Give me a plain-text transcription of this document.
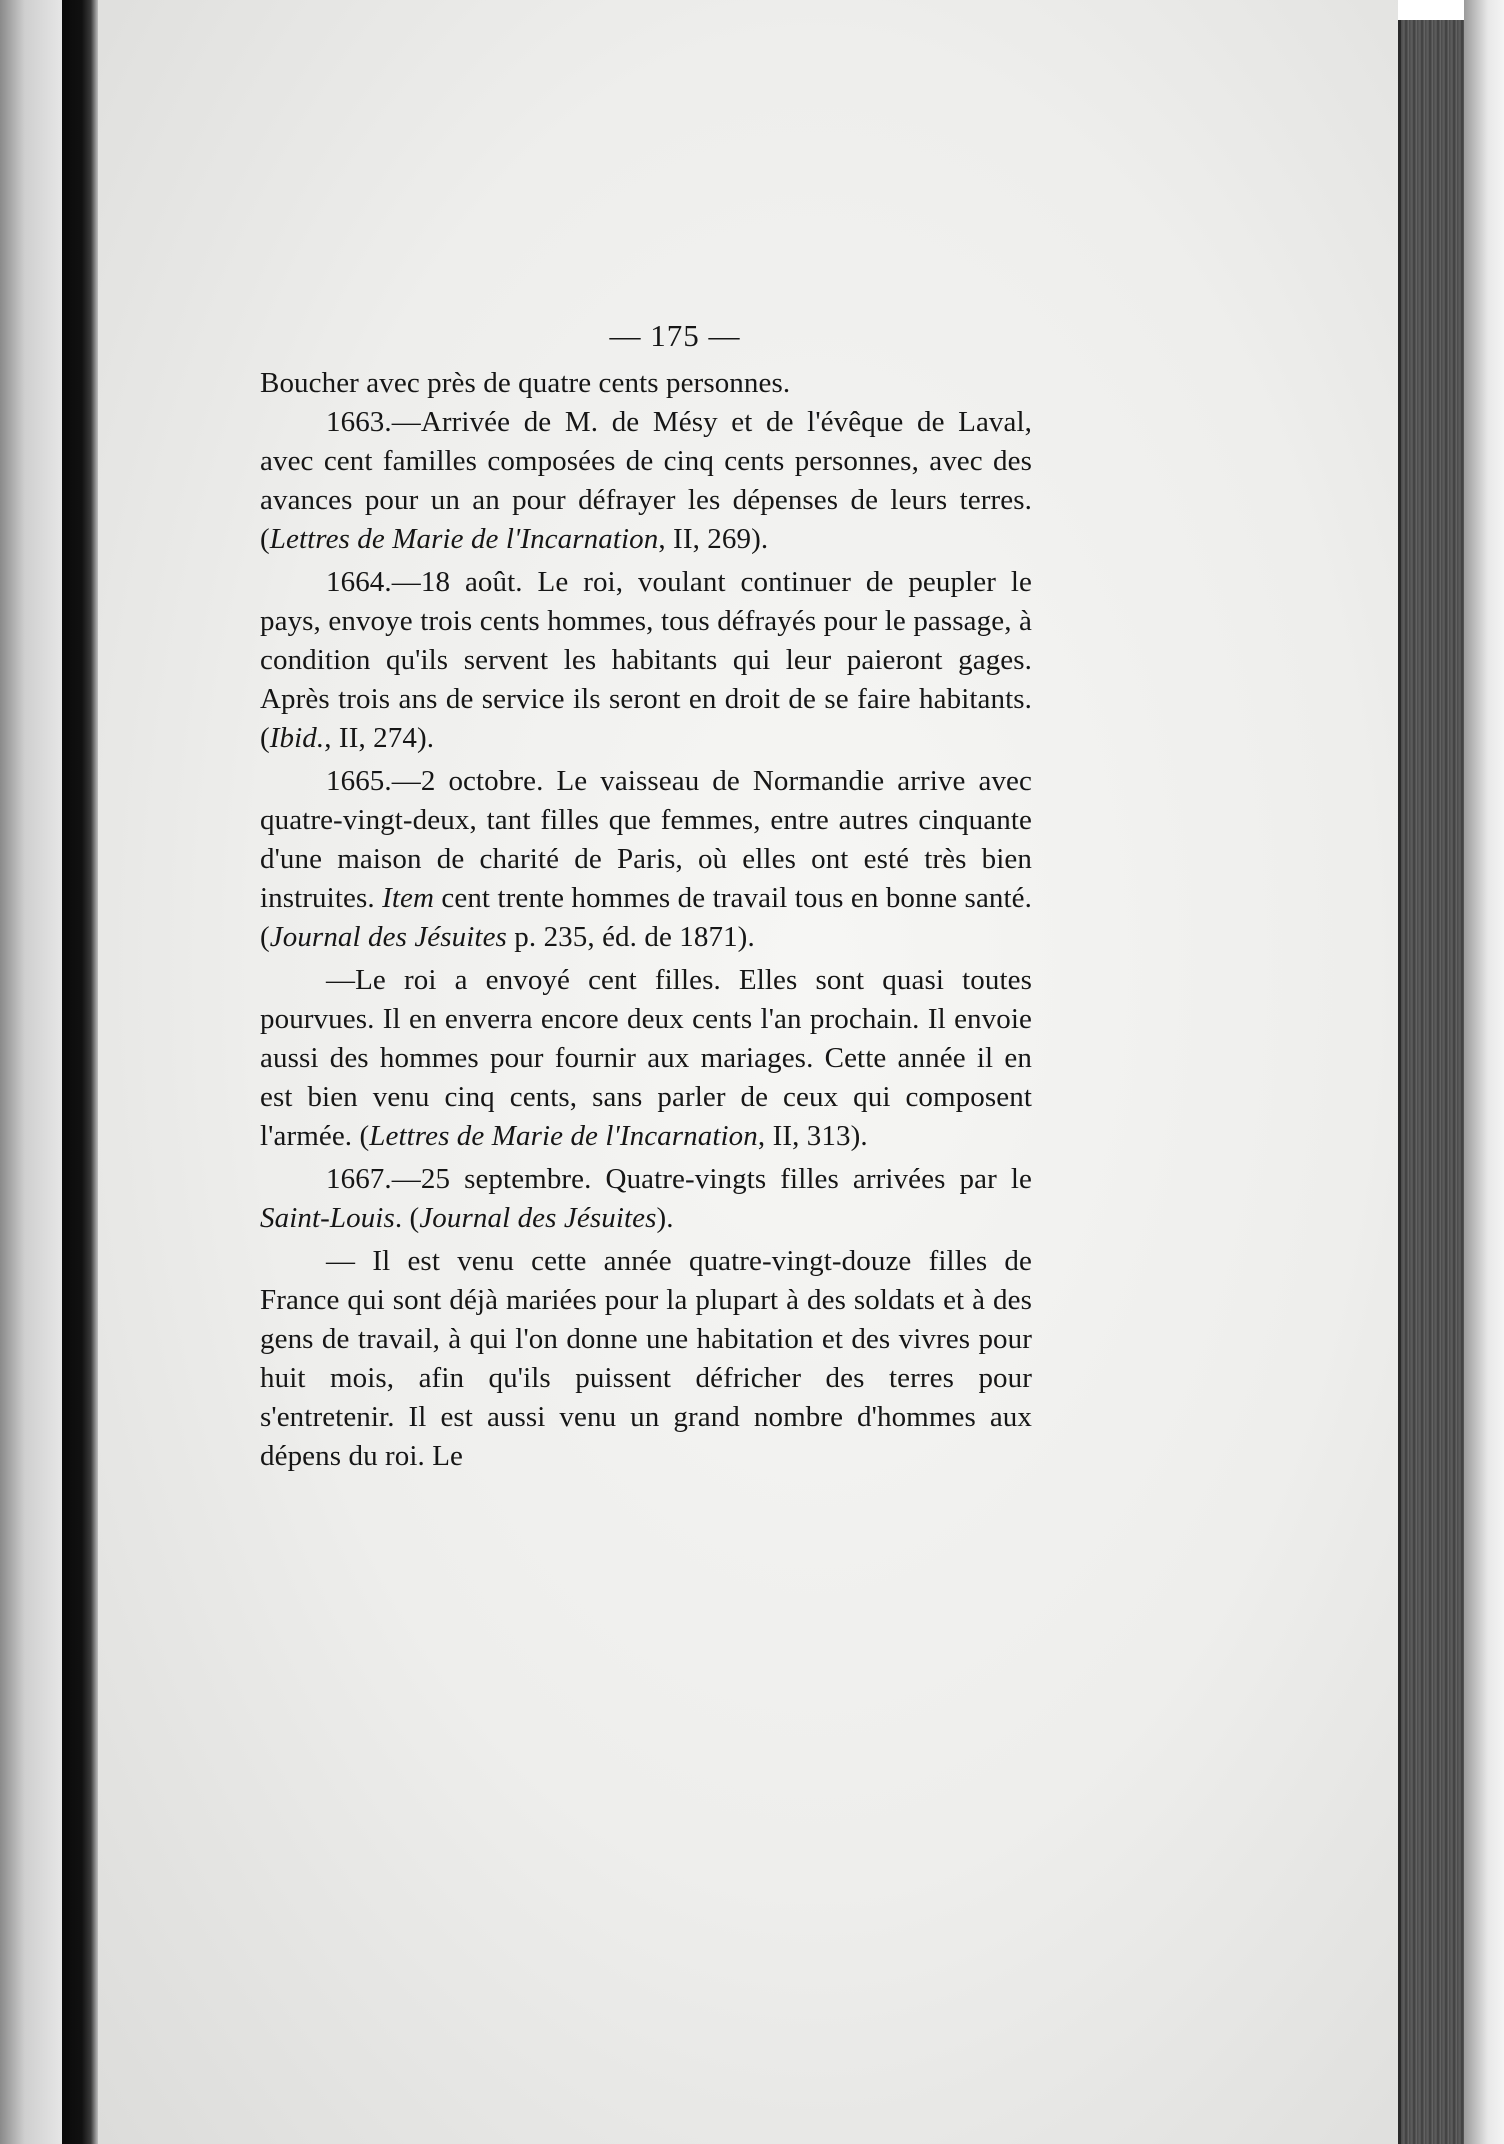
— 175 —

Boucher avec près de quatre cents personnes.

1663.—Arrivée de M. de Mésy et de l'évêque de Laval, avec cent familles composées de cinq cents personnes, avec des avances pour un an pour défrayer les dépenses de leurs terres. (Lettres de Marie de l'Incarnation, II, 269).

1664.—18 août. Le roi, voulant continuer de peupler le pays, envoye trois cents hommes, tous défrayés pour le passage, à condition qu'ils servent les habitants qui leur paieront gages. Après trois ans de service ils seront en droit de se faire habitants. (Ibid., II, 274).

1665.—2 octobre. Le vaisseau de Normandie arrive avec quatre-vingt-deux, tant filles que femmes, entre autres cinquante d'une maison de charité de Paris, où elles ont esté très bien instruites. Item cent trente hommes de travail tous en bonne santé. (Journal des Jésuites p. 235, éd. de 1871).

—Le roi a envoyé cent filles. Elles sont quasi toutes pourvues. Il en enverra encore deux cents l'an prochain. Il envoie aussi des hommes pour fournir aux mariages. Cette année il en est bien venu cinq cents, sans parler de ceux qui composent l'armée. (Lettres de Marie de l'Incarnation, II, 313).

1667.—25 septembre. Quatre-vingts filles arrivées par le Saint-Louis. (Journal des Jésuites).

— Il est venu cette année quatre-vingt-douze filles de France qui sont déjà mariées pour la plupart à des soldats et à des gens de travail, à qui l'on donne une habitation et des vivres pour huit mois, afin qu'ils puissent défricher des terres pour s'entretenir. Il est aussi venu un grand nombre d'hommes aux dépens du roi. Le
